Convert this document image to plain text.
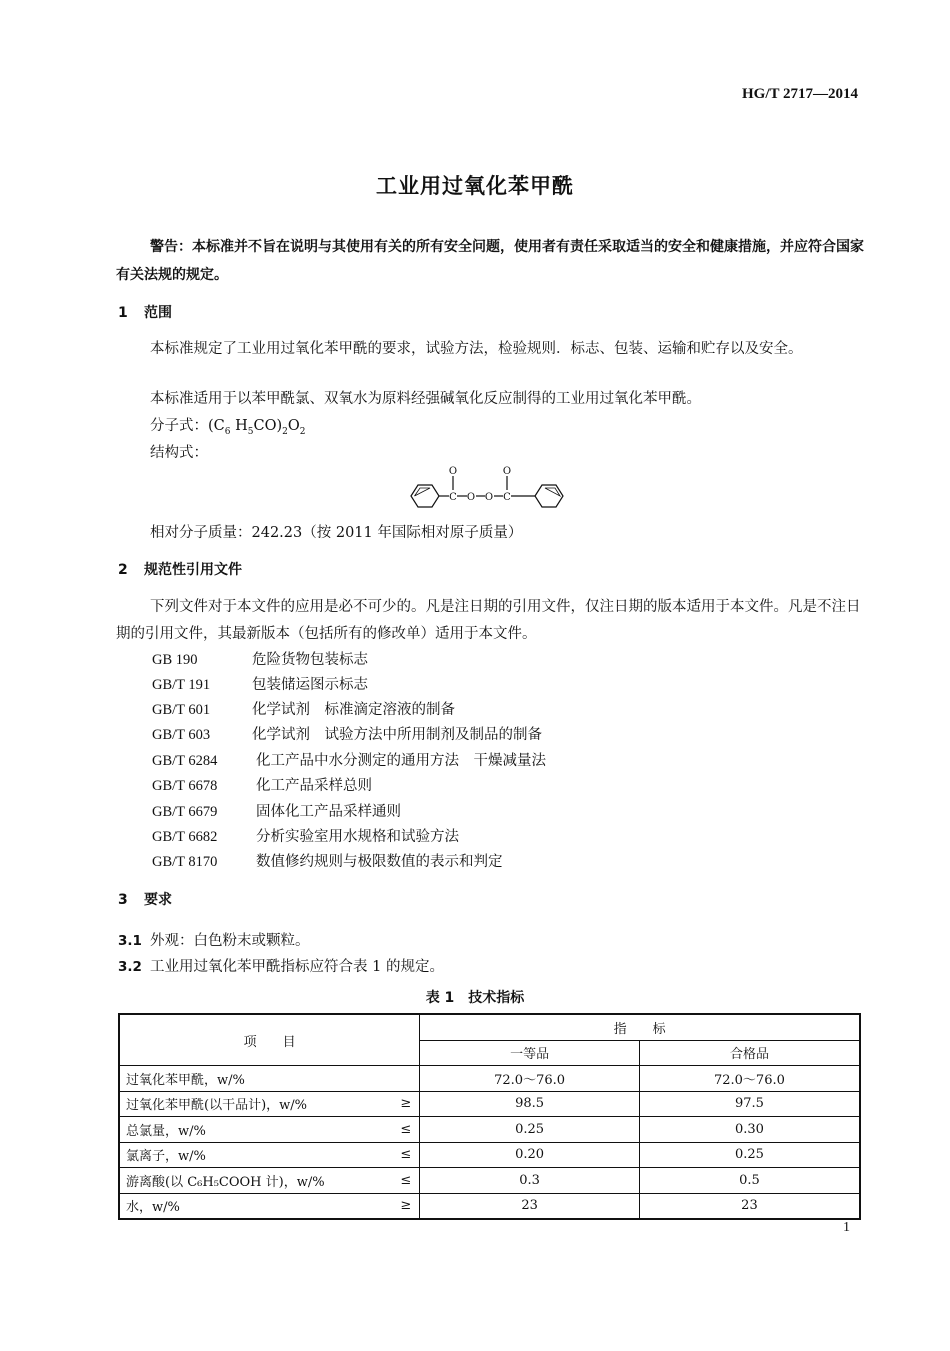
HG/T 2717—2014
工业用过氧化苯甲酰
警告：本标准并不旨在说明与其使用有关的所有安全问题，使用者有责任采取适当的安全和健康措施，并应符合国家有关法规的规定。
1 范围
本标准规定了工业用过氧化苯甲酰的要求，试验方法，检验规则．标志、包装、运输和贮存以及安全。
本标准适用于以苯甲酰氯、双氧水为原料经强碱氧化反应制得的工业用过氧化苯甲酰。
分子式：($C_6$ $H_5CO)_2O_2$
结构式：
O	O
C	C
O O
相对分子质量：242.23（按 2011 年国际相对原子质量）
2 规范性引用文件
下列文件对于本文件的应用是必不可少的。凡是注日期的引用文件，仅注日期的版本适用于本文件。凡是不注日期的引用文件，其最新版本（包括所有的修改单）适用于本文件。
GB 190	危险货物包装标志
GB/T 191	包装储运图示标志
GB/T 601	化学试剂　标准滴定溶液的制备
GB/T 603	化学试剂　试验方法中所用制剂及制品的制备
GB/T 6284	化工产品中水分测定的通用方法　干燥减量法
GB/T 6678	化工产品采样总则
GB/T 6679	固体化工产品采样通则
GB/T 6682	分析实验室用水规格和试验方法
GB/T 8170	数值修约规则与极限数值的表示和判定
3 要求
3.1 外观：白色粉末或颗粒。
3.2 工业用过氧化苯甲酰指标应符合表 1 的规定。
表 1　技术指标
项　　目		指　　标	
		一等品	合格品
过氧化苯甲酰，w/%		72.0～76.0	72.0～76.0
过氧化苯甲酰(以干品计)，w/%	≥	98.5	97.5
总氯量，w/%	≤	0.25	0.30
氯离子，w/%	≤	0.20	0.25
游离酸(以 C₆H₅COOH 计)，w/%	≤	0.3	0.5
水，w/%	≥	23	23
1
